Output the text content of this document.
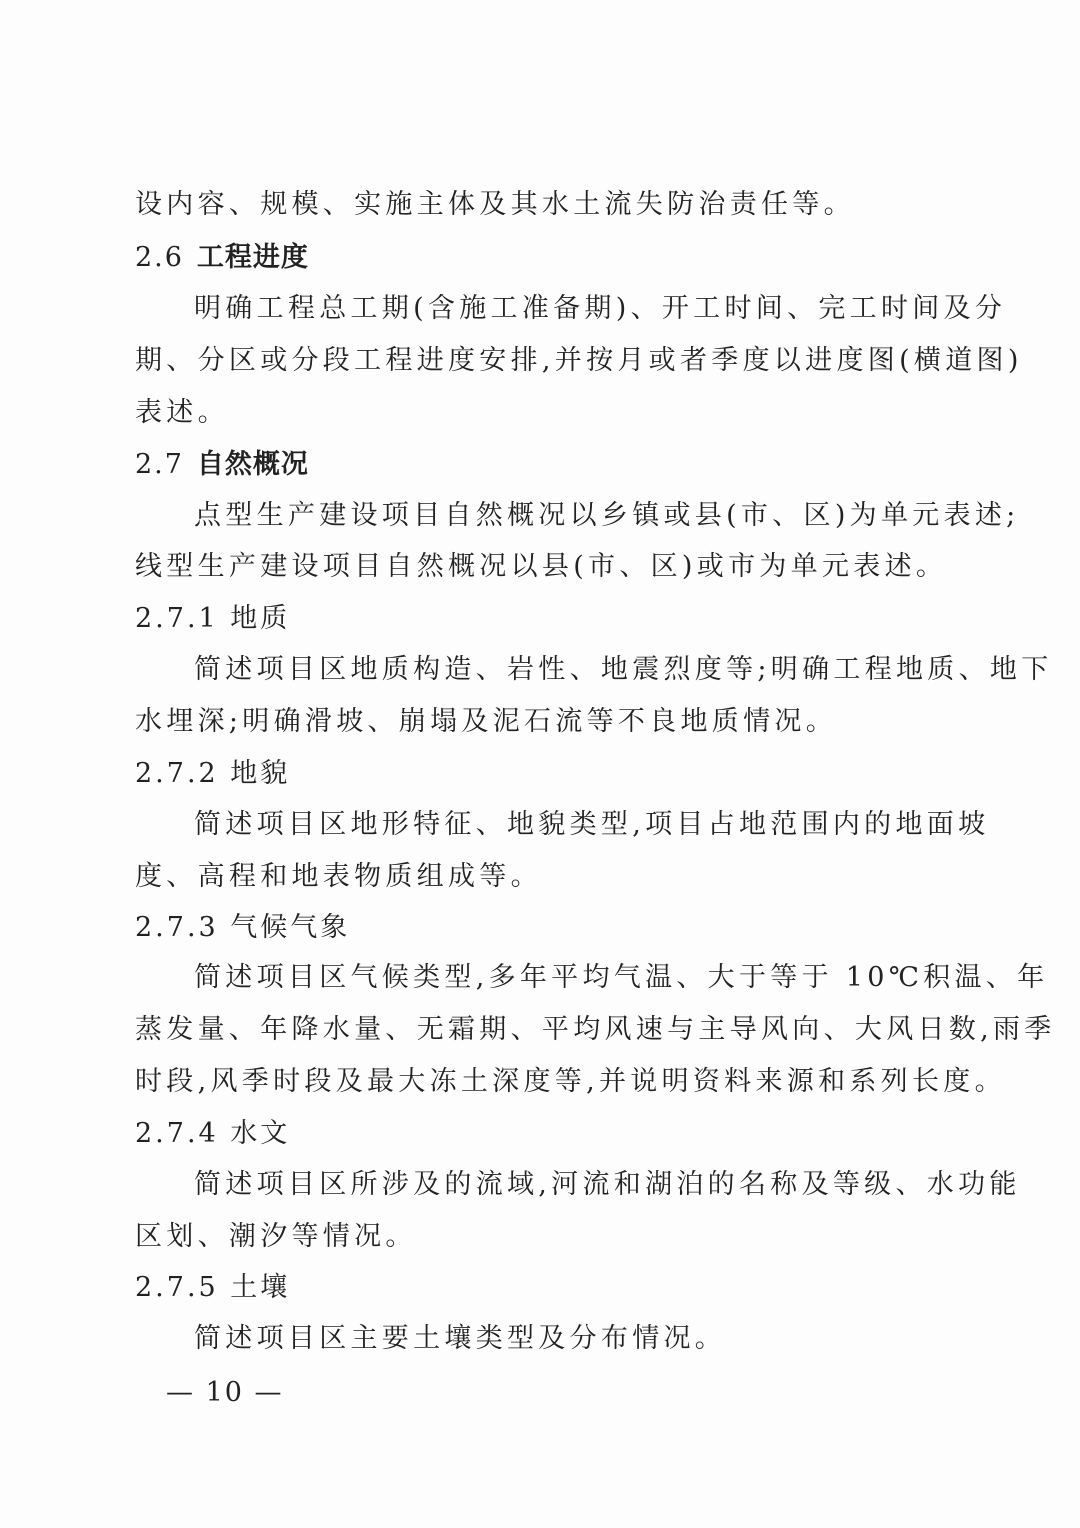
设内容、规模、实施主体及其水土流失防治责任等。
2.6 工程进度
明确工程总工期(含施工准备期)、开工时间、完工时间及分
期、分区或分段工程进度安排,并按月或者季度以进度图(横道图)
表述。
2.7 自然概况
点型生产建设项目自然概况以乡镇或县(市、区)为单元表述;
线型生产建设项目自然概况以县(市、区)或市为单元表述。
2.7.1 地质
简述项目区地质构造、岩性、地震烈度等;明确工程地质、地下
水埋深;明确滑坡、崩塌及泥石流等不良地质情况。
2.7.2 地貌
简述项目区地形特征、地貌类型,项目占地范围内的地面坡
度、高程和地表物质组成等。
2.7.3 气候气象
简述项目区气候类型,多年平均气温、大于等于 10℃积温、年
蒸发量、年降水量、无霜期、平均风速与主导风向、大风日数,雨季
时段,风季时段及最大冻土深度等,并说明资料来源和系列长度。
2.7.4 水文
简述项目区所涉及的流域,河流和湖泊的名称及等级、水功能
区划、潮汐等情况。
2.7.5 土壤
简述项目区主要土壤类型及分布情况。
— 10 —
